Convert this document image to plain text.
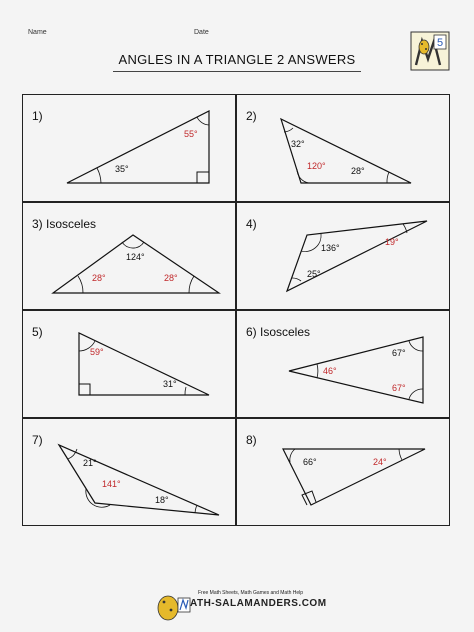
Name	Date
5
ANGLES IN A TRIANGLE 2 ANSWERS
1)
35°
55°
2)
32°
120°	28°
3) Isosceles
124°
28°	28°
4)
136°
25°
19°
5)
59°
31°
6) Isosceles
46°
67°
67°
7)
21°
141°
18°
8)
66°	24°
Free Math Sheets, Math Games and Math Help
ATH-SALAMANDERS.COM
